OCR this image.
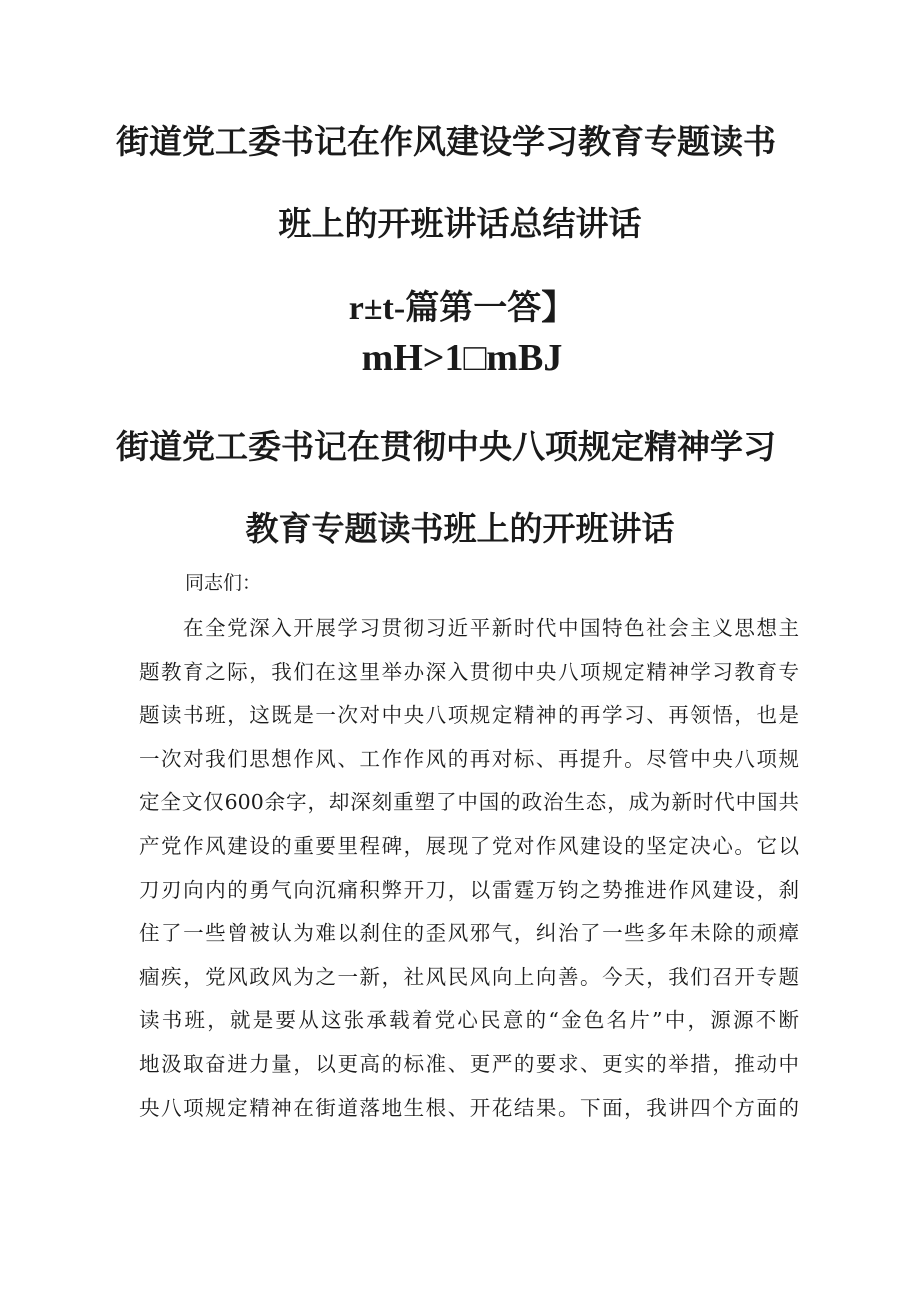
街道党工委书记在作风建设学习教育专题读书
班上的开班讲话总结讲话
r±t-篇第一答】
mH>1□mBJ
街道党工委书记在贯彻中央八项规定精神学习
教育专题读书班上的开班讲话
同志们：
在全党深入开展学习贯彻习近平新时代中国特色社会主义思想主
题教育之际，我们在这里举办深入贯彻中央八项规定精神学习教育专
题读书班，这既是一次对中央八项规定精神的再学习、再领悟，也是
一次对我们思想作风、工作作风的再对标、再提升。尽管中央八项规
定全文仅600余字，却深刻重塑了中国的政治生态，成为新时代中国共
产党作风建设的重要里程碑，展现了党对作风建设的坚定决心。它以
刀刃向内的勇气向沉痛积弊开刀，以雷霆万钧之势推进作风建设，刹
住了一些曾被认为难以刹住的歪风邪气，纠治了一些多年未除的顽瘴
痼疾，党风政风为之一新，社风民风向上向善。今天，我们召开专题
读书班，就是要从这张承载着党心民意的“金色名片”中，源源不断
地汲取奋进力量，以更高的标准、更严的要求、更实的举措，推动中
央八项规定精神在街道落地生根、开花结果。下面，我讲四个方面的
